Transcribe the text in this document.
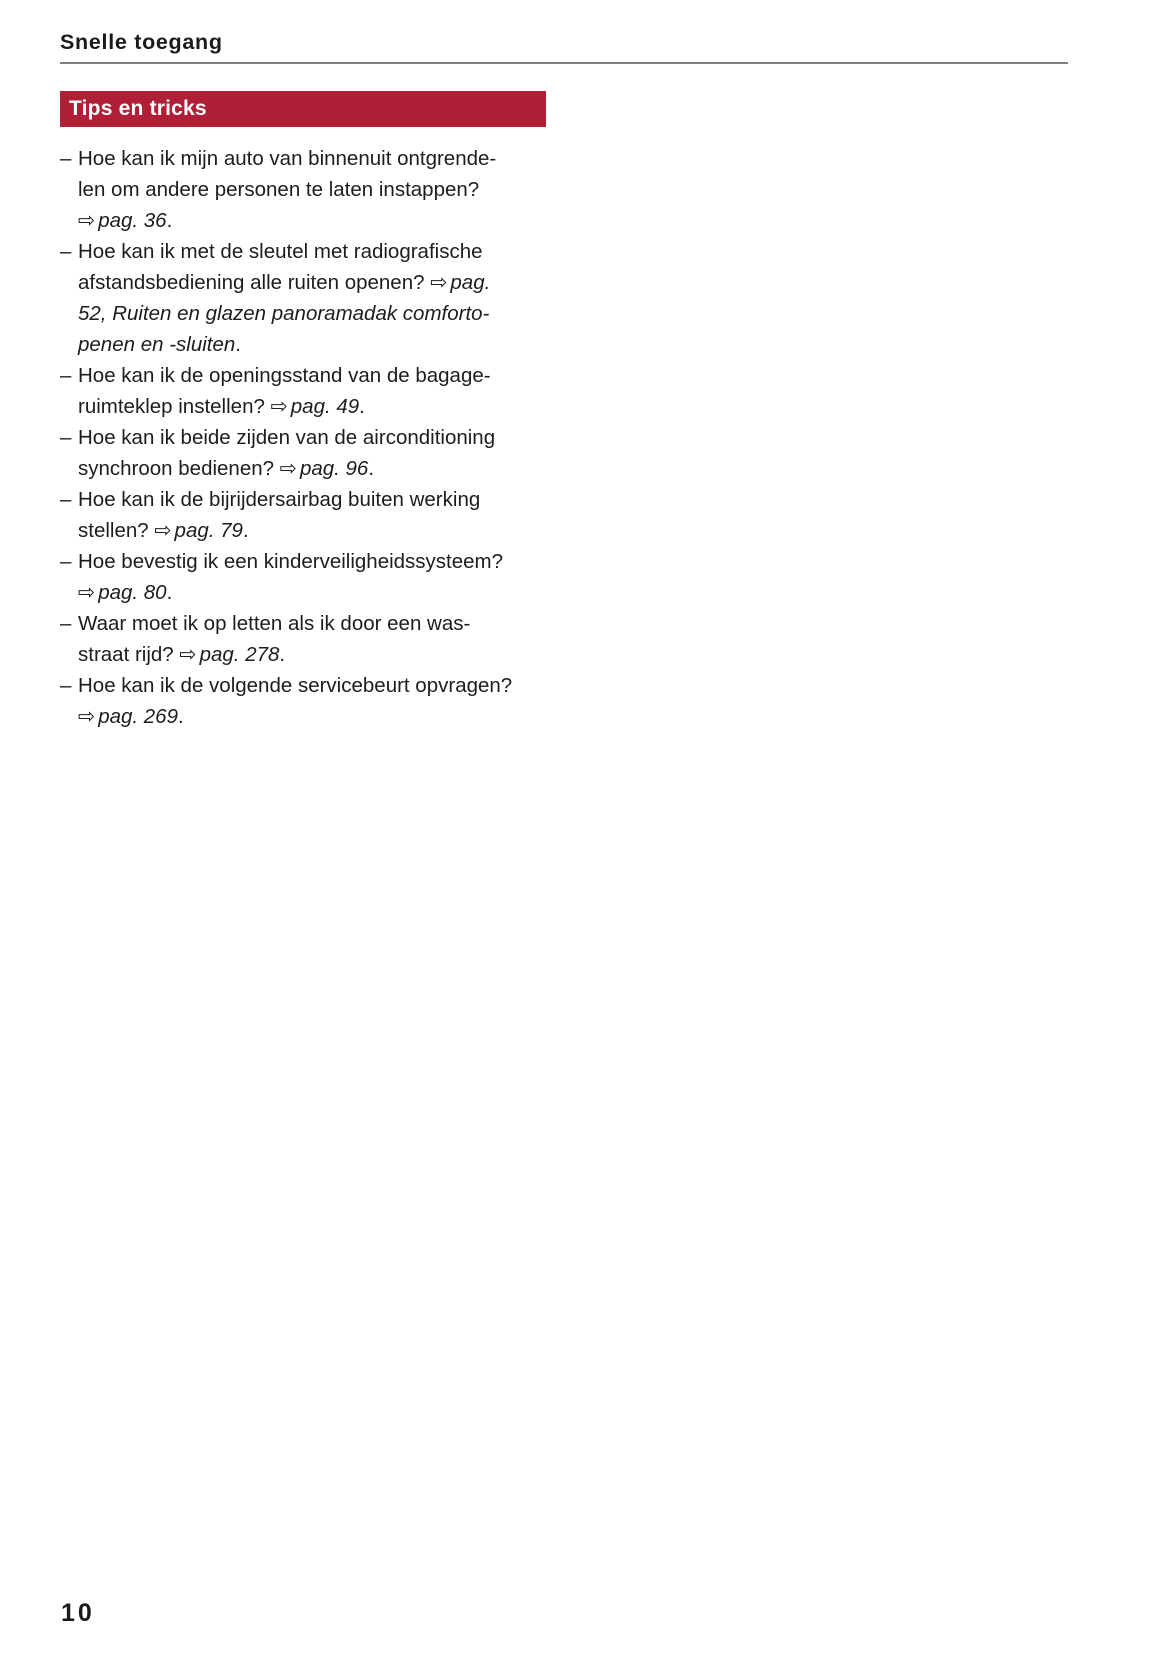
Snelle toegang
Tips en tricks
– Hoe kan ik mijn auto van binnenuit ontgrende-
len om andere personen te laten instappen?
⇨ pag. 36.
– Hoe kan ik met de sleutel met radiografische
afstandsbediening alle ruiten openen? ⇨ pag.
52, Ruiten en glazen panoramadak comforto-
penen en -sluiten.
– Hoe kan ik de openingsstand van de bagage-
ruimteklep instellen? ⇨ pag. 49.
– Hoe kan ik beide zijden van de airconditioning
synchroon bedienen? ⇨ pag. 96.
– Hoe kan ik de bijrijdersairbag buiten werking
stellen? ⇨ pag. 79.
– Hoe bevestig ik een kinderveiligheidssysteem?
⇨ pag. 80.
– Waar moet ik op letten als ik door een was-
straat rijd? ⇨ pag. 278.
– Hoe kan ik de volgende servicebeurt opvragen?
⇨ pag. 269.
10
